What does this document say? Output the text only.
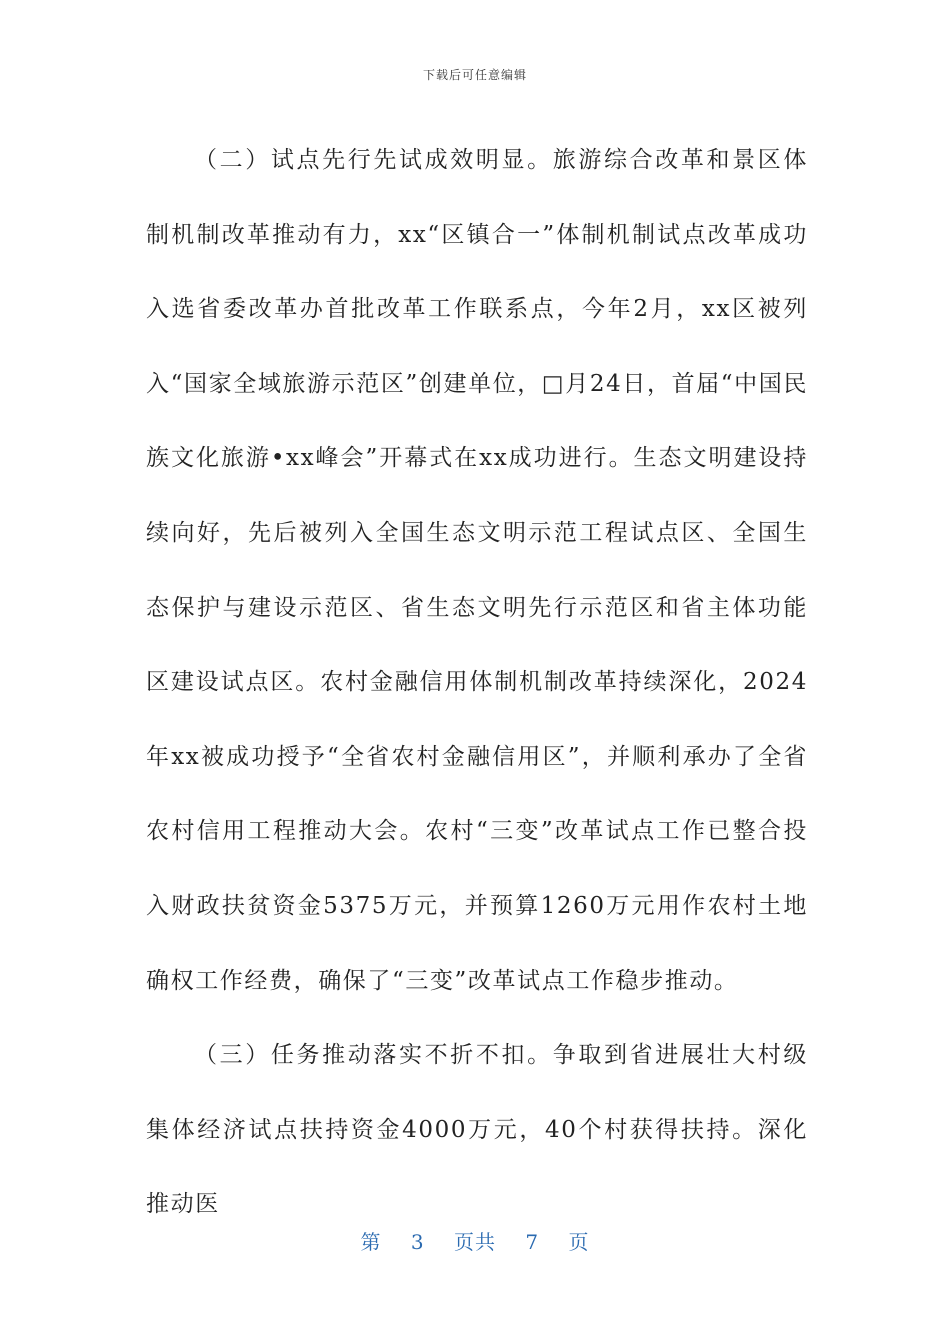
下载后可任意编辑

（二）试点先行先试成效明显。旅游综合改革和景区体制机制改革推动有力，xx“区镇合一”体制机制试点改革成功入选省委改革办首批改革工作联系点，今年2月，xx区被列入“国家全域旅游示范区”创建单位，□月24日，首届“中国民族文化旅游•xx峰会”开幕式在xx成功进行。生态文明建设持续向好，先后被列入全国生态文明示范工程试点区、全国生态保护与建设示范区、省生态文明先行示范区和省主体功能区建设试点区。农村金融信用体制机制改革持续深化，2024年xx被成功授予“全省农村金融信用区”，并顺利承办了全省农村信用工程推动大会。农村“三变”改革试点工作已整合投入财政扶贫资金5375万元，并预算1260万元用作农村土地确权工作经费，确保了“三变”改革试点工作稳步推动。

（三）任务推动落实不折不扣。争取到省进展壮大村级集体经济试点扶持资金4000万元，40个村获得扶持。深化推动医

第 3 页共 7 页
